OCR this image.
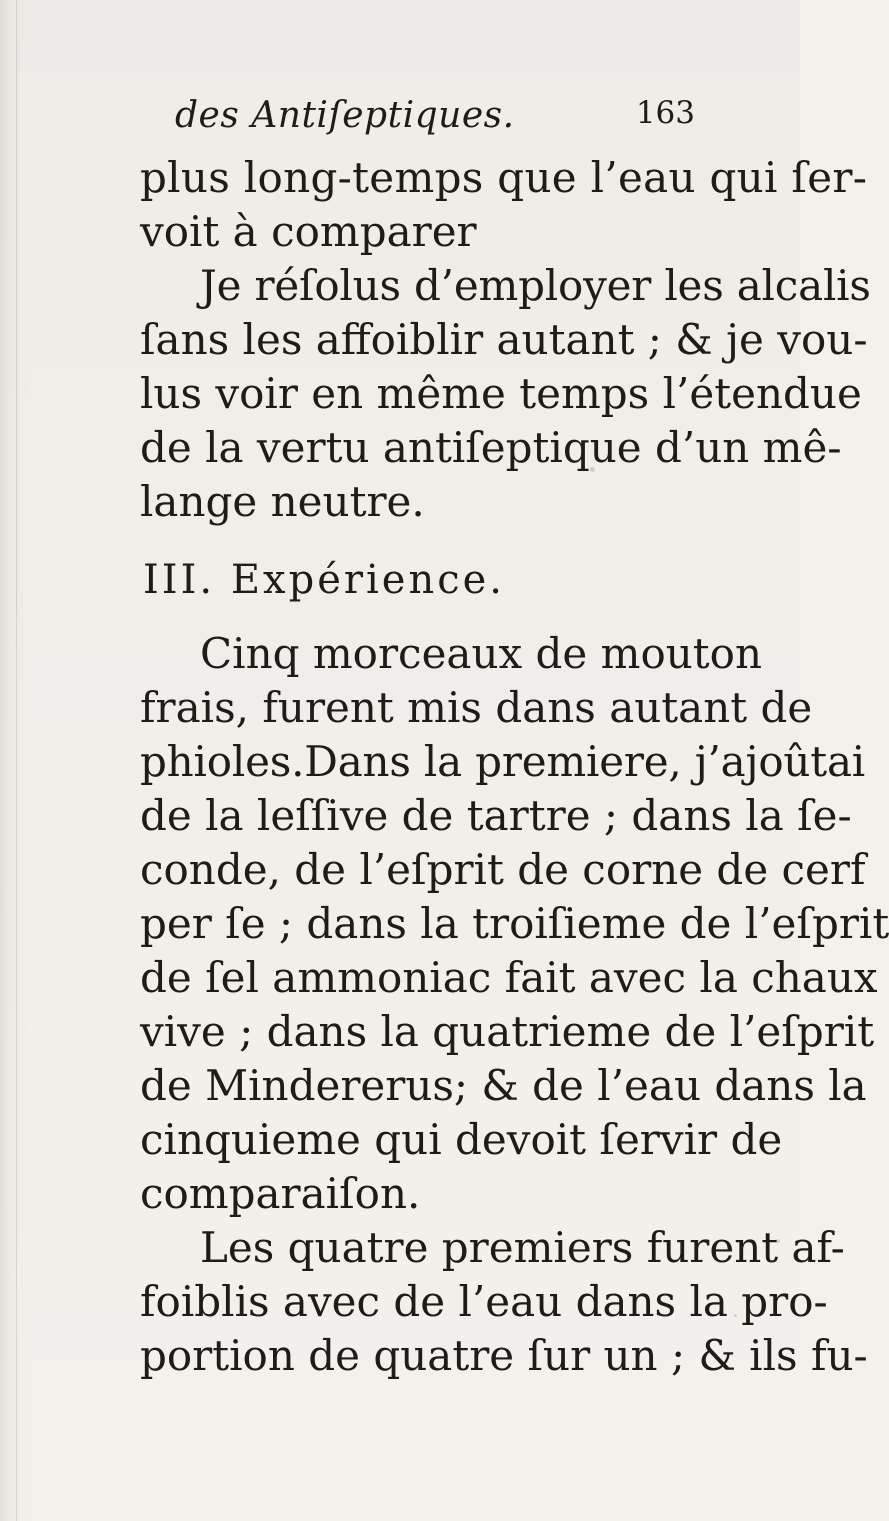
des Antiſeptiques.	163
plus long-temps que l’eau qui ſer-
voit à comparer
Je réſolus d’employer les alcalis
ſans les affoiblir autant ; & je vou-
lus voir en même temps l’étendue
de la vertu antiſeptique d’un mê-
lange neutre.
III. Expérience.
Cinq morceaux de mouton
frais, furent mis dans autant de
phioles.Dans la premiere, j’ajoûtai
de la leſſive de tartre ; dans la ſe-
conde, de l’eſprit de corne de cerf
per ſe ; dans la troiſieme de l’eſprit
de ſel ammoniac fait avec la chaux
vive ; dans la quatrieme de l’eſprit
de Mindererus; & de l’eau dans la
cinquieme qui devoit ſervir de
comparaiſon.
Les quatre premiers furent af-
foiblis avec de l’eau dans la pro-
portion de quatre ſur un ; & ils fu-
